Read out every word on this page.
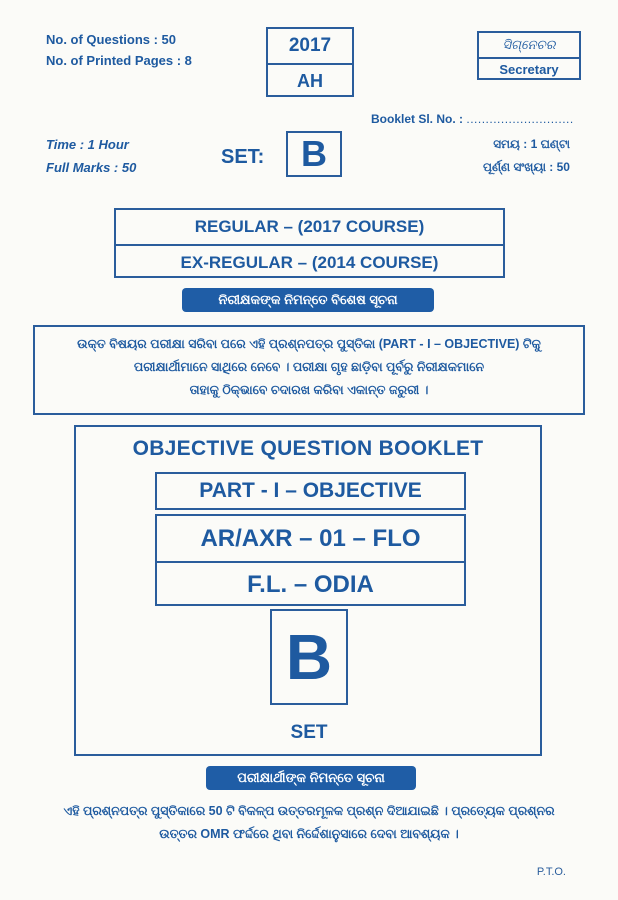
No. of Questions : 50
No. of Printed Pages : 8
2017
AH
ସିଗ୍ନେଚର
Secretary
Booklet Sl. No. : ............................
Time : 1 Hour
Full Marks : 50	SET:	B	ସମୟ : 1 ଘଣ୍ଟା
ପୂର୍ଣ୍ଣ ସଂଖ୍ୟା : 50
REGULAR – (2017 COURSE)
EX-REGULAR – (2014 COURSE)
ନିରୀକ୍ଷକଙ୍କ ନିମନ୍ତେ ବିଶେଷ ସୂଚନା
ଉକ୍ତ ବିଷୟର ପରୀକ୍ଷା ସରିବା ପରେ ଏହି ପ୍ରଶ୍ନପତ୍ର ପୁସ୍ତିକା (PART - I – OBJECTIVE) ଟିକୁ
ପରୀକ୍ଷାର୍ଥୀମାନେ ସାଥିରେ ନେବେ । ପରୀକ୍ଷା ଗୃହ ଛାଡ଼ିବା ପୂର୍ବରୁ ନିରୀକ୍ଷକମାନେ
ତାହାକୁ ଠିକ୍‌ଭାବେ ଚଦାରଖ କରିବା ଏକାନ୍ତ ଜରୁରୀ ।
OBJECTIVE QUESTION BOOKLET
PART - I – OBJECTIVE
AR/AXR – 01 – FLO
F.L. – ODIA
B
SET
ପରୀକ୍ଷାର୍ଥୀଙ୍କ ନିମନ୍ତେ ସୂଚନା
ଏହି ପ୍ରଶ୍ନପତ୍ର ପୁସ୍ତିକାରେ 50 ଟି ବିକଳ୍ପ ଉତ୍ତରମୂଳକ ପ୍ରଶ୍ନ ଦିଆଯାଇଛି । ପ୍ରତ୍ୟେକ ପ୍ରଶ୍ନର
ଉତ୍ତର OMR ଫର୍ଦ୍ଦରେ ଥିବା ନିର୍ଦ୍ଦେଶାନୁସାରେ ଦେବା ଆବଶ୍ୟକ ।
P.T.O.
